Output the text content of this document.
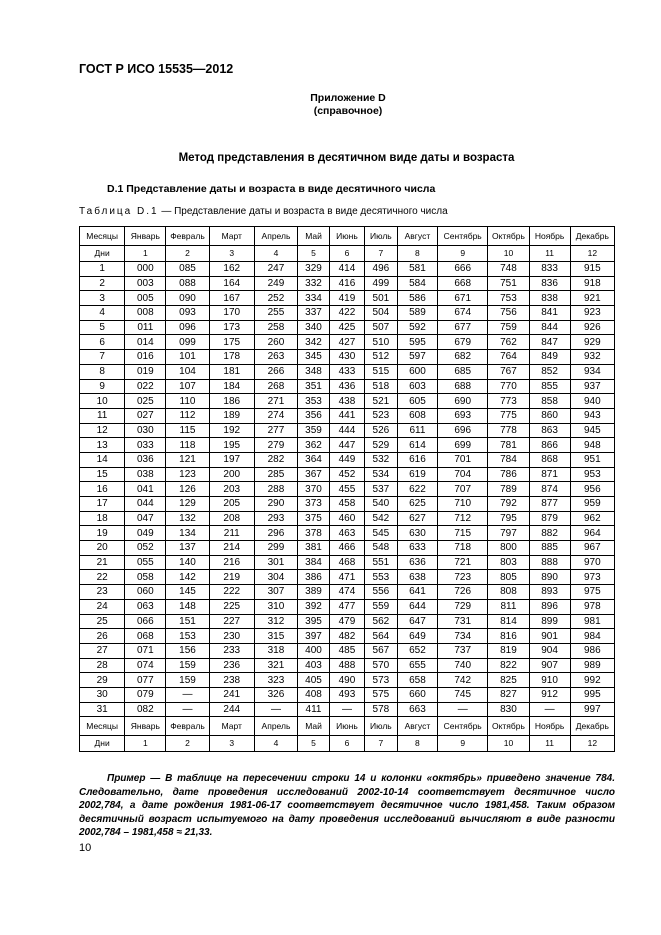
ГОСТ Р ИСО 15535—2012
Приложение D
(справочное)
Метод представления в десятичном виде даты и возраста
D.1 Представление даты и возраста в виде десятичного числа
Таблица D.1 — Представление даты и возраста в виде десятичного числа
Месяцы	Январь	Февраль	Март	Апрель	Май	Июнь	Июль	Август	Сентябрь	Октябрь	Ноябрь	Декабрь
Дни	1	2	3	4	5	6	7	8	9	10	11	12
1	000	085	162	247	329	414	496	581	666	748	833	915
2	003	088	164	249	332	416	499	584	668	751	836	918
3	005	090	167	252	334	419	501	586	671	753	838	921
4	008	093	170	255	337	422	504	589	674	756	841	923
5	011	096	173	258	340	425	507	592	677	759	844	926
6	014	099	175	260	342	427	510	595	679	762	847	929
7	016	101	178	263	345	430	512	597	682	764	849	932
8	019	104	181	266	348	433	515	600	685	767	852	934
9	022	107	184	268	351	436	518	603	688	770	855	937
10	025	110	186	271	353	438	521	605	690	773	858	940
11	027	112	189	274	356	441	523	608	693	775	860	943
12	030	115	192	277	359	444	526	611	696	778	863	945
13	033	118	195	279	362	447	529	614	699	781	866	948
14	036	121	197	282	364	449	532	616	701	784	868	951
15	038	123	200	285	367	452	534	619	704	786	871	953
16	041	126	203	288	370	455	537	622	707	789	874	956
17	044	129	205	290	373	458	540	625	710	792	877	959
18	047	132	208	293	375	460	542	627	712	795	879	962
19	049	134	211	296	378	463	545	630	715	797	882	964
20	052	137	214	299	381	466	548	633	718	800	885	967
21	055	140	216	301	384	468	551	636	721	803	888	970
22	058	142	219	304	386	471	553	638	723	805	890	973
23	060	145	222	307	389	474	556	641	726	808	893	975
24	063	148	225	310	392	477	559	644	729	811	896	978
25	066	151	227	312	395	479	562	647	731	814	899	981
26	068	153	230	315	397	482	564	649	734	816	901	984
27	071	156	233	318	400	485	567	652	737	819	904	986
28	074	159	236	321	403	488	570	655	740	822	907	989
29	077	159	238	323	405	490	573	658	742	825	910	992
30	079	—	241	326	408	493	575	660	745	827	912	995
31	082	—	244	—	411	—	578	663	—	830	—	997
Месяцы	Январь	Февраль	Март	Апрель	Май	Июнь	Июль	Август	Сентябрь	Октябрь	Ноябрь	Декабрь
Дни	1	2	3	4	5	6	7	8	9	10	11	12

Пример — В таблице на пересечении строки 14 и колонки «октябрь» приведено значение 784. Следовательно, дате проведения исследований 2002-10-14 соответствует десятичное число 2002,784, а дате рождения 1981-06-17 соответствует десятичное число 1981,458. Таким образом десятичный возраст испытуемого на дату проведения исследований вычисляют в виде разности 2002,784 – 1981,458 ≈ 21,33.

10
